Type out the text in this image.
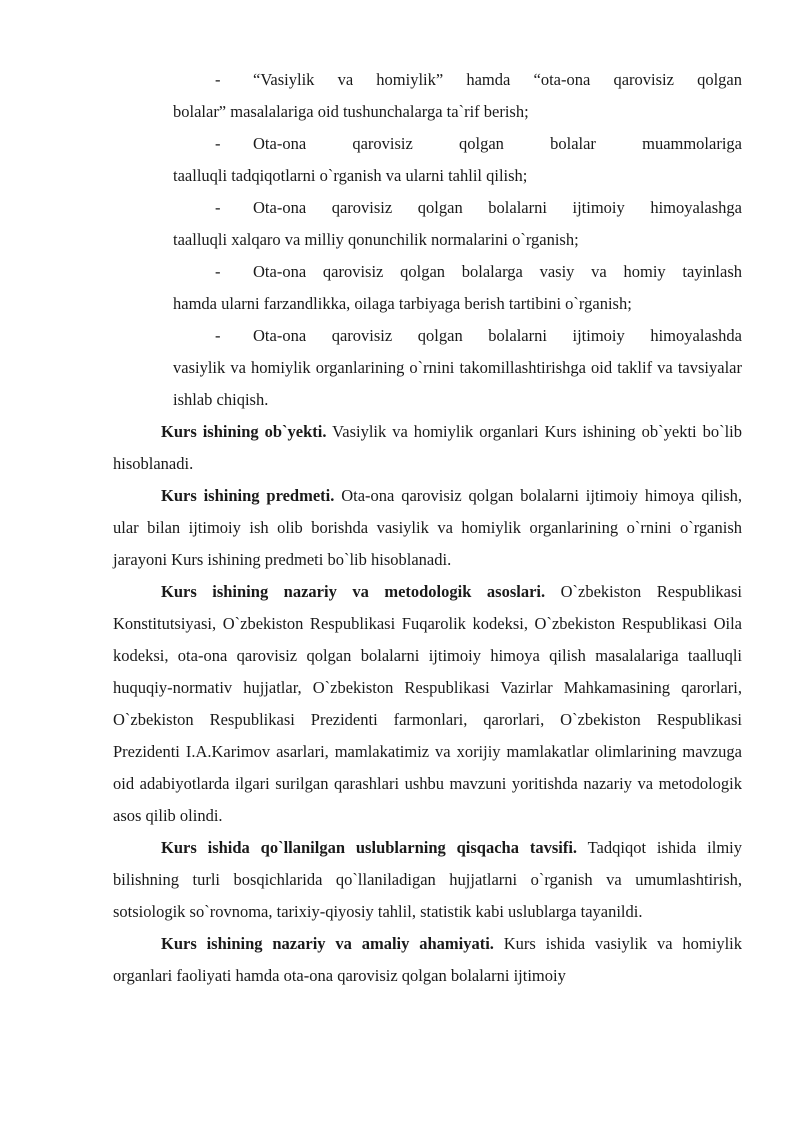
- “Vasiylik va homiylik” hamda “ota-ona qarovisiz qolgan
bolalar” masalalariga oid tushunchalarga ta`rif berish;
- Ota-ona qarovisiz qolgan bolalar muammolariga
taalluqli tadqiqotlarni o`rganish va ularni tahlil qilish;
- Ota-ona qarovisiz qolgan bolalarni ijtimoiy himoyalashga
taalluqli xalqaro va milliy qonunchilik normalarini o`rganish;
- Ota-ona qarovisiz qolgan bolalarga vasiy va homiy tayinlash
hamda ularni farzandlikka, oilaga tarbiyaga berish tartibini o`rganish;
- Ota-ona qarovisiz qolgan bolalarni ijtimoiy himoyalashda
vasiylik va homiylik organlarining o`rnini takomillashtirishga oid taklif va tavsiyalar ishlab chiqish.

Kurs ishining ob`yekti. Vasiylik va homiylik organlari Kurs ishining ob`yekti bo`lib hisoblanadi.

Kurs ishining predmeti. Ota-ona qarovisiz qolgan bolalarni ijtimoiy himoya qilish, ular bilan ijtimoiy ish olib borishda vasiylik va homiylik organlarining o`rnini o`rganish jarayoni Kurs ishining predmeti bo`lib hisoblanadi.

Kurs ishining nazariy va metodologik asoslari. O`zbekiston Respublikasi Konstitutsiyasi, O`zbekiston Respublikasi Fuqarolik kodeksi, O`zbekiston Respublikasi Oila kodeksi, ota-ona qarovisiz qolgan bolalarni ijtimoiy himoya qilish masalalariga taalluqli huquqiy-normativ hujjatlar, O`zbekiston Respublikasi Vazirlar Mahkamasining qarorlari, O`zbekiston Respublikasi Prezidenti farmonlari, qarorlari, O`zbekiston Respublikasi Prezidenti I.A.Karimov asarlari, mamlakatimiz va xorijiy mamlakatlar olimlarining mavzuga oid adabiyotlarda ilgari surilgan qarashlari ushbu mavzuni yoritishda nazariy va metodologik asos qilib olindi.

Kurs ishida qo`llanilgan uslublarning qisqacha tavsifi. Tadqiqot ishida ilmiy bilishning turli bosqichlarida qo`llaniladigan hujjatlarni o`rganish va umumlashtirish, sotsiologik so`rovnoma, tarixiy-qiyosiy tahlil, statistik kabi uslublarga tayanildi.

Kurs ishining nazariy va amaliy ahamiyati. Kurs ishida vasiylik va homiylik organlari faoliyati hamda ota-ona qarovisiz qolgan bolalarni ijtimoiy
